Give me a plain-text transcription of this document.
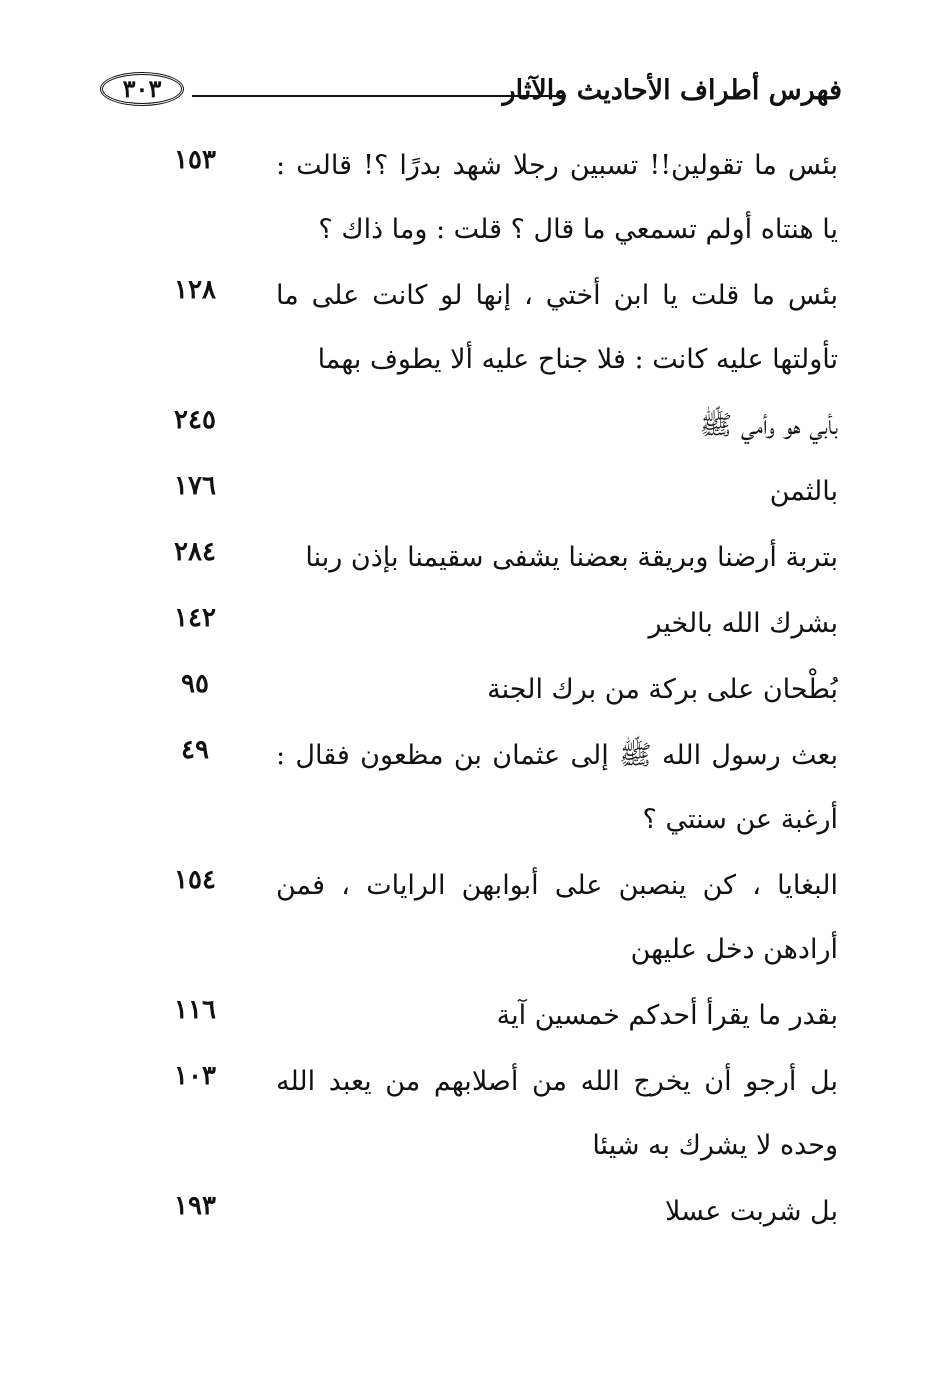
فهرس أطراف الأحاديث والآثار
٣٠٣
بئس ما تقولين!! تسبين رجلا شهد بدرًا ؟! قالت : يا هنتاه أولم تسمعي ما قال ؟ قلت : وما ذاك ؟
١٥٣
بئس ما قلت يا ابن أختي ، إنها لو كانت على ما تأولتها عليه كانت : فلا جناح عليه ألا يطوف بهما
١٢٨
بأبي هو وأمي ﷺ
٢٤٥
بالثمن
١٧٦
بتربة أرضنا وبريقة بعضنا يشفى سقيمنا بإذن ربنا
٢٨٤
بشرك الله بالخير
١٤٢
بُطْحان على بركة من برك الجنة
٩٥
بعث رسول الله ﷺ إلى عثمان بن مظعون فقال : أرغبة عن سنتي ؟
٤٩
البغايا ، كن ينصبن على أبوابهن الرايات ، فمن أرادهن دخل عليهن
١٥٤
بقدر ما يقرأ أحدكم خمسين آية
١١٦
بل أرجو أن يخرج الله من أصلابهم من يعبد الله وحده لا يشرك به شيئا
١٠٣
بل شربت عسلا
١٩٣
